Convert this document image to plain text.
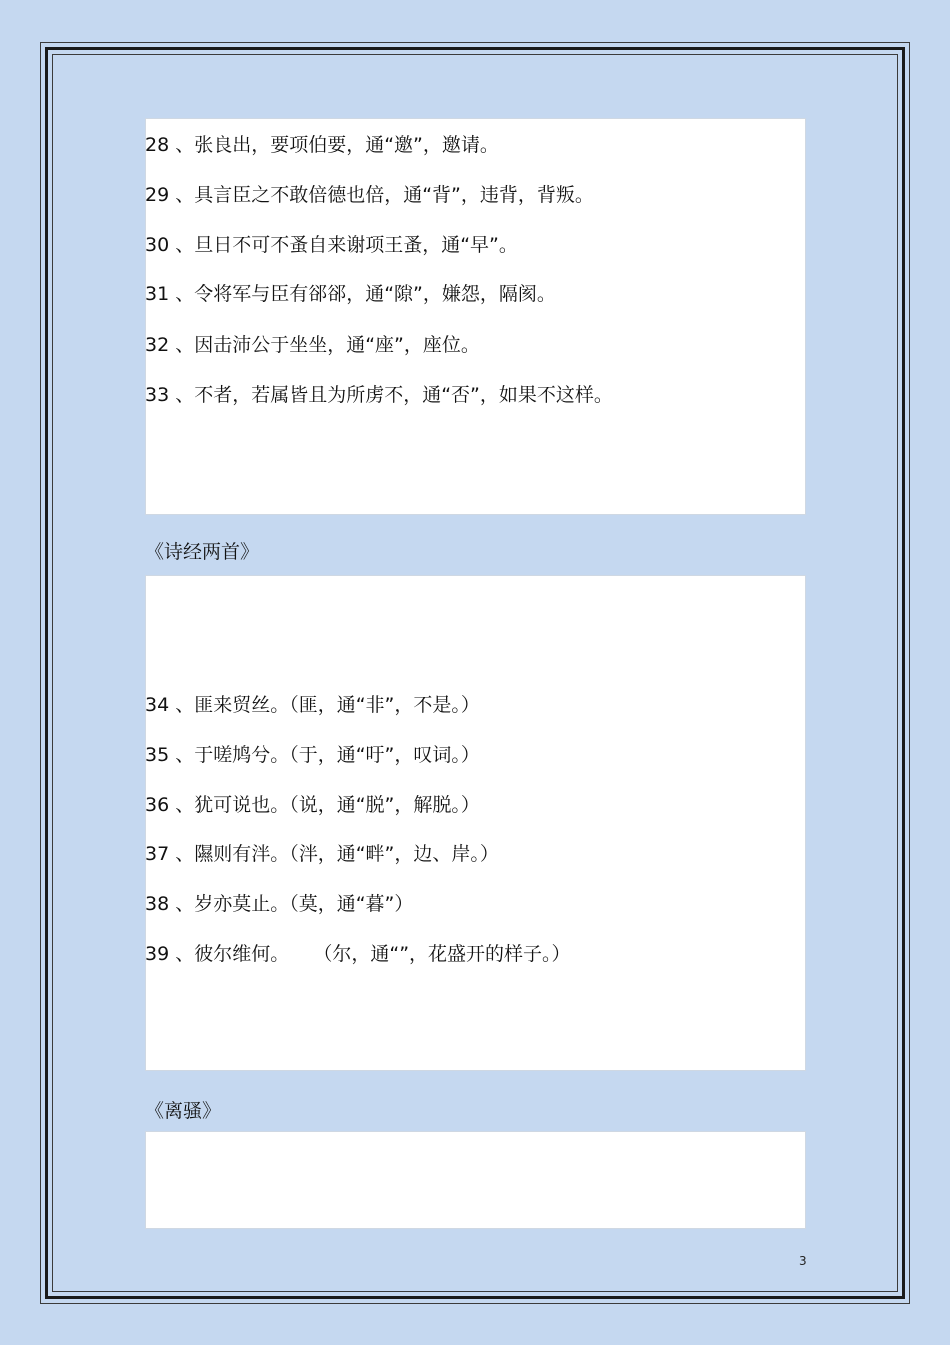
28 、张良出，要项伯要，通“邀”，邀请。
29 、具言臣之不敢倍德也倍，通“背”，违背，背叛。
30 、旦日不可不蚤自来谢项王蚤，通“早”。
31 、令将军与臣有郤郤，通“隙”，嫌怨，隔阂。
32 、因击沛公于坐坐，通“座”，座位。
33 、不者，若属皆且为所虏不，通“否”，如果不这样。
《诗经两首》
34 、匪来贸丝。（匪，通“非”，不是。）
35 、于嗟鸠兮。（于，通“吁”，叹词。）
36 、犹可说也。（说，通“脱”，解脱。）
37 、隰则有泮。（泮，通“畔”，边、岸。）
38 、岁亦莫止。（莫，通“暮”）
39 、彼尔维何。    （尔，通“”，花盛开的样子。）
《离骚》
3
